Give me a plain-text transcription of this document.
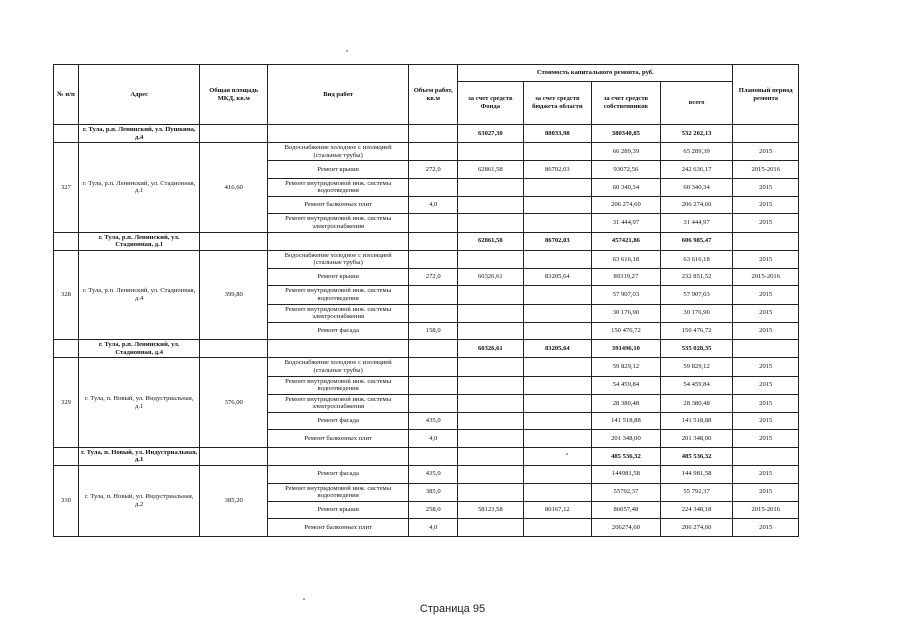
№ п/п	Адрес	Общая площадь МКД, кв.м	Вид работ	Объем работ, кв.м	Стоимость капитального ремонта, руб.				Плановый период ремонта
					за счет средств Фонда	за счет средств бюджета области	за счет средств собственников	всего	
	г. Тула, р.п. Ленинский, ул. Пушкина, д.4				63027,30	88033,98	380340,85	532 202,13	
327	г. Тула, р.п. Ленинский, ул. Стадионная, д.1	416,60	Водоснабжение холодное с изоляцией (стальные трубы)				66 289,39	65 289,39	2015
			Ремонт крыши	272,0	62861,58	86702,03	93072,56	242 636,17	2015-2016
			Ремонт внутридомовой инж. системы водоотведения				60 340,34	60 340,34	2015
			Ремонт балконных плит	4,0			206 274,60	206 274,60	2015
			Ремонт внутридомовой инж. системы электроснабжения				31 444,97	31 444,97	2015
	г. Тула, р.п. Ленинский, ул. Стадионная, д.1				62861,58	86702,03	457421,86	606 985,47	
328	г. Тула, р.п. Ленинский, ул. Стадионная, д.4	399,80	Водоснабжение холодное с изоляцией (стальные трубы)				63 616,18	63 616,18	2015
			Ремонт крыши	272,0	60326,61	83205,64	89319,27	232 851,52	2015-2016
			Ремонт внутридомовой инж. системы водоотведения				57 907,03	57 907,03	2015
			Ремонт внутридомовой инж. системы электроснабжения				30 176,90	30 176,90	2015
			Ремонт фасада	158,0			150 476,72	150 476,72	2015
	г. Тула, р.п. Ленинский, ул. Стадионная, д.4				60326,61	83205,64	391496,10	535 028,35	
329	г. Тула, п. Новый, ул. Индустриальная, д.1	376,00	Водоснабжение холодное с изоляцией (стальные трубы)				59 829,12	59 829,12	2015
			Ремонт внутридомовой инж. системы водоотведения				54 459,84	54 459,84	2015
			Ремонт внутридомовой инж. системы электроснабжения				28 380,48	28 380,48	2015
			Ремонт фасада	435,0			141 518,88	141 518,88	2015
			Ремонт балконных плит	4,0			201 348,00	201 348,00	2015
	г. Тула, п. Новый, ул. Индустриальная, д.1						485 536,32	485 536,32	
330	г. Тула, п. Новый, ул. Индустриальная, д.2	385,20	Ремонт фасада	435,0			144981,58	144 981,58	2015
			Ремонт внутридомовой инж. системы водоотведения	385,0			55792,37	55 792,37	2015
			Ремонт крыши	258,0	58123,58	80167,12	86057,48	224 348,18	2015-2016
			Ремонт балконных плит	4,0			206274,60	206 274,60	2015
Страница 95
